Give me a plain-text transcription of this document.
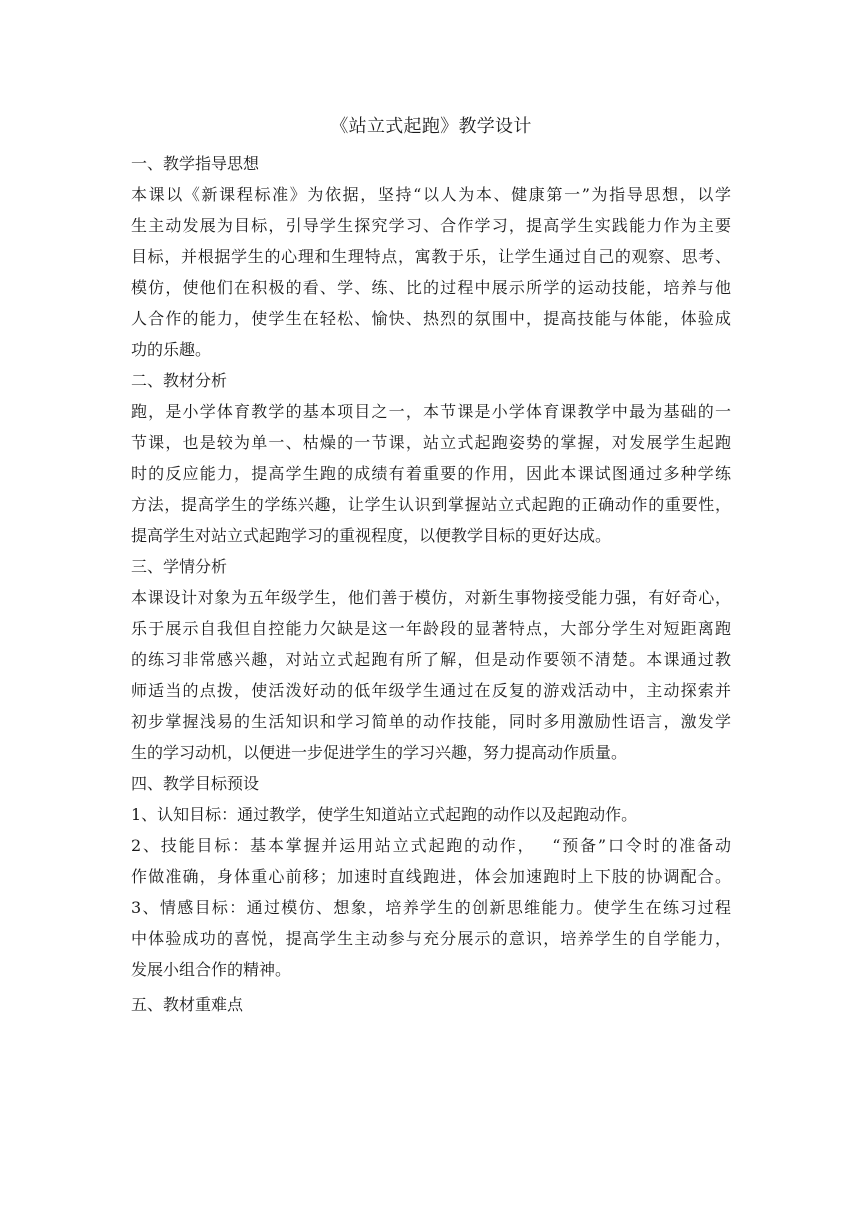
《站立式起跑》教学设计

一、教学指导思想

本课以《新课程标准》为依据，坚持“以人为本、健康第一”为指导思想，以学
生主动发展为目标，引导学生探究学习、合作学习，提高学生实践能力作为主要
目标，并根据学生的心理和生理特点，寓教于乐，让学生通过自己的观察、思考、
模仿，使他们在积极的看、学、练、比的过程中展示所学的运动技能，培养与他
人合作的能力，使学生在轻松、愉快、热烈的氛围中，提高技能与体能，体验成
功的乐趣。

二、教材分析

跑，是小学体育教学的基本项目之一，本节课是小学体育课教学中最为基础的一
节课，也是较为单一、枯燥的一节课，站立式起跑姿势的掌握，对发展学生起跑
时的反应能力，提高学生跑的成绩有着重要的作用，因此本课试图通过多种学练
方法，提高学生的学练兴趣，让学生认识到掌握站立式起跑的正确动作的重要性，
提高学生对站立式起跑学习的重视程度，以便教学目标的更好达成。

三、学情分析

本课设计对象为五年级学生，他们善于模仿，对新生事物接受能力强，有好奇心，
乐于展示自我但自控能力欠缺是这一年龄段的显著特点，大部分学生对短距离跑
的练习非常感兴趣，对站立式起跑有所了解，但是动作要领不清楚。本课通过教
师适当的点拨，使活泼好动的低年级学生通过在反复的游戏活动中，主动探索并
初步掌握浅易的生活知识和学习简单的动作技能，同时多用激励性语言，激发学
生的学习动机，以便进一步促进学生的学习兴趣，努力提高动作质量。

四、教学目标预设

1、认知目标：通过教学，使学生知道站立式起跑的动作以及起跑动作。

2、技能目标：基本掌握并运用站立式起跑的动作，　 “预备”口令时的准备动
作做准确，身体重心前移；加速时直线跑进，体会加速跑时上下肢的协调配合。

3、情感目标：通过模仿、想象，培养学生的创新思维能力。使学生在练习过程
中体验成功的喜悦，提高学生主动参与充分展示的意识，培养学生的自学能力，
发展小组合作的精神。

五、教材重难点
